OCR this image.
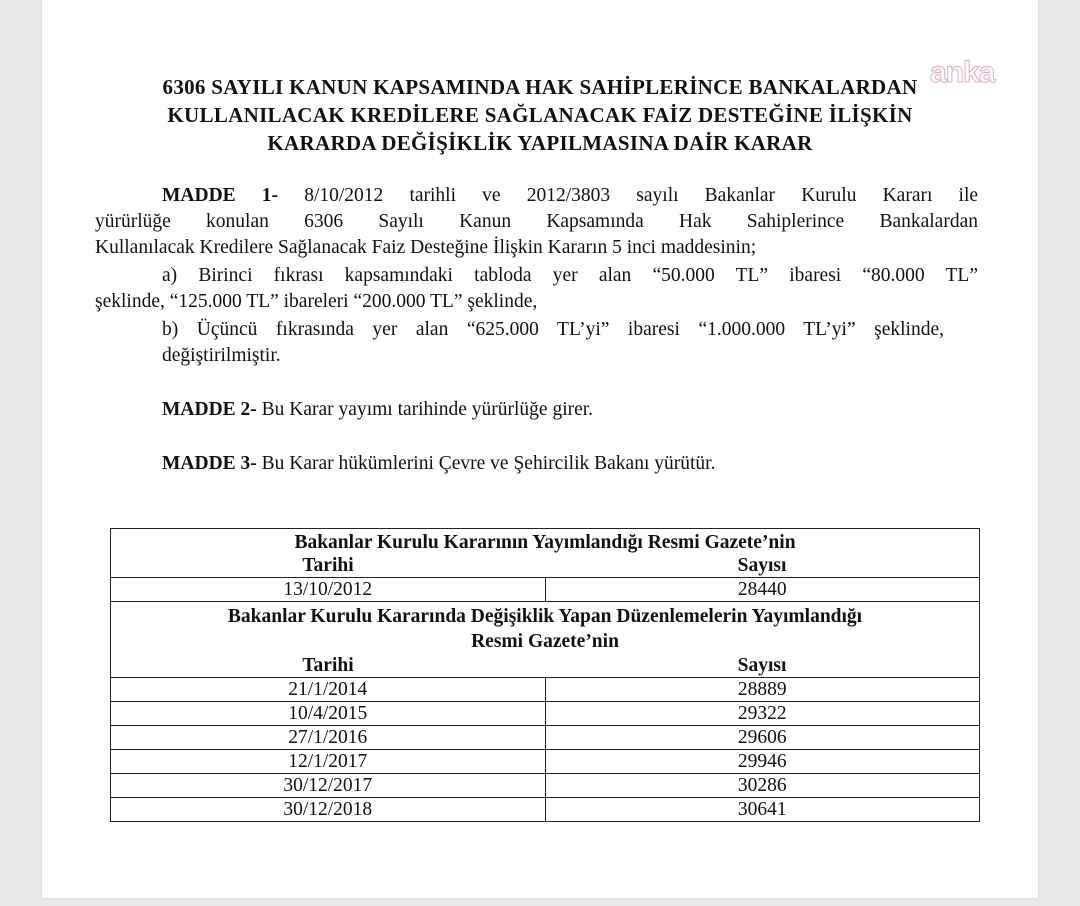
anka
6306 SAYILI KANUN KAPSAMINDA HAK SAHİPLERİNCE BANKALARDAN
KULLANILACAK KREDİLERE SAĞLANACAK FAİZ DESTEĞİNE İLİŞKİN
KARARDA DEĞİŞİKLİK YAPILMASINA DAİR KARAR

MADDE 1- 8/10/2012 tarihli ve 2012/3803 sayılı Bakanlar Kurulu Kararı ile

yürürlüğe konulan 6306 Sayılı Kanun Kapsamında Hak Sahiplerince Bankalardan

Kullanılacak Kredilere Sağlanacak Faiz Desteğine İlişkin Kararın 5 inci maddesinin;

a) Birinci fıkrası kapsamındaki tabloda yer alan “50.000 TL” ibaresi “80.000 TL”

şeklinde, “125.000 TL” ibareleri “200.000 TL” şeklinde,

b) Üçüncü fıkrasında yer alan “625.000 TL’yi” ibaresi “1.000.000 TL’yi” şeklinde,

değiştirilmiştir.

MADDE 2- Bu Karar yayımı tarihinde yürürlüğe girer.

MADDE 3- Bu Karar hükümlerini Çevre ve Şehircilik Bakanı yürütür.

Bakanlar Kurulu Kararının Yayımlandığı Resmi Gazete’nin	
Tarihi	Sayısı
13/10/2012	28440

Bakanlar Kurulu Kararında Değişiklik Yapan Düzenlemelerin Yayımlandığı
Resmi Gazete’nin	

Tarihi	Sayısı
21/1/2014	28889
10/4/2015	29322
27/1/2016	29606
12/1/2017	29946
30/12/2017	30286
30/12/2018	30641
